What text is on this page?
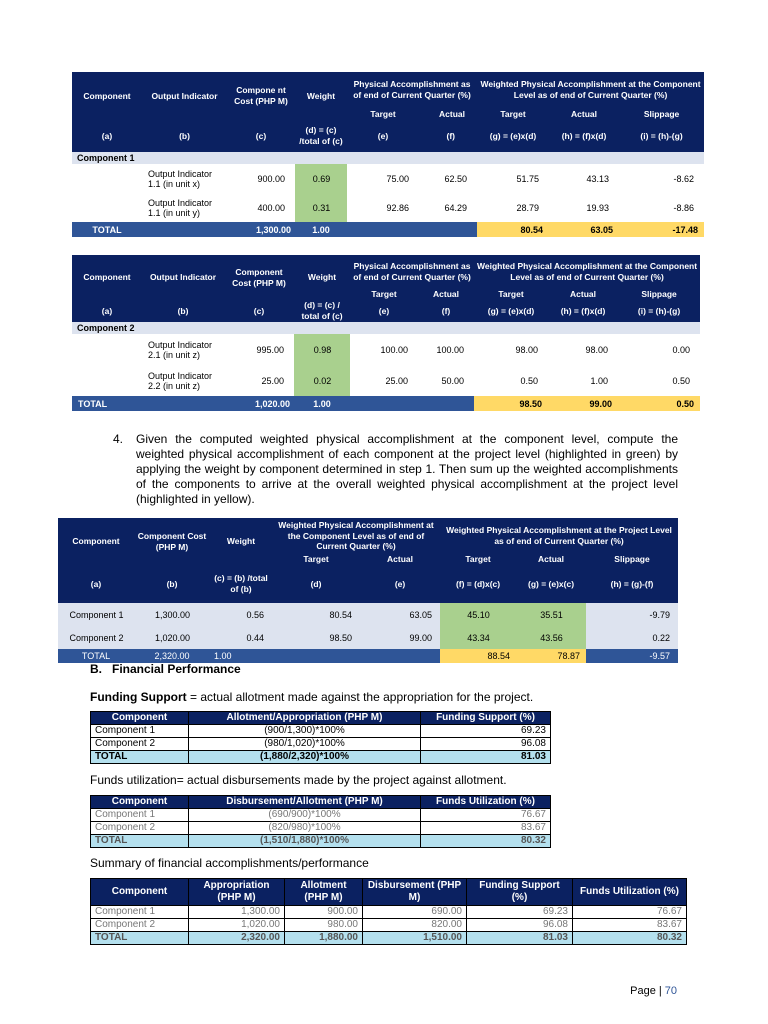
Component	Output Indicator	Compone nt Cost (PHP M)	Weight	Physical Accomplishment as of end of Current Quarter (%)		Weighted Physical Accomplishment at the Component Level as of end of Current Quarter (%)		
				Target	Actual	Target	Actual	Slippage
(a)	(b)	(c)	(d) = (c) /total of (c)	(e)	(f)	(g) = (e)x(d)	(h) = (f)x(d)	(i) = (h)-(g)
Component 1								
	Output Indicator 1.1 (in unit x)	900.00	0.69	75.00	62.50	51.75	43.13	-8.62
	Output Indicator 1.1 (in unit y)	400.00	0.31	92.86	64.29	28.79	19.93	-8.86
TOTAL		1,300.00	1.00			80.54	63.05	-17.48
Component	Output Indicator	Component Cost (PHP M)	Weight	Physical Accomplishment as of end of Current Quarter (%)		Weighted Physical Accomplishment at the Component Level as of end of Current Quarter (%)		
				Target	Actual	Target	Actual	Slippage
(a)	(b)	(c)	(d) = (c) / total of (c)	(e)	(f)	(g) = (e)x(d)	(h) = (f)x(d)	(i) = (h)-(g)
Component 2								
	Output Indicator 2.1 (in unit z)	995.00	0.98	100.00	100.00	98.00	98.00	0.00
	Output Indicator 2.2 (in unit z)	25.00	0.02	25.00	50.00	0.50	1.00	0.50
TOTAL		1,020.00	1.00			98.50	99.00	0.50
4. Given the computed weighted physical accomplishment at the component level, compute the weighted physical accomplishment of each component at the project level (highlighted in green) by applying the weight by component determined in step 1. Then sum up the weighted accomplishments of the components to arrive at the overall weighted physical accomplishment at the project level (highlighted in yellow).
Component	Component Cost (PHP M)	Weight	Weighted Physical Accomplishment at the Component Level as of end of Current Quarter (%)		Weighted Physical Accomplishment at the Project Level as of end of Current Quarter (%)		
			Target	Actual	Target	Actual	Slippage
(a)	(b)	(c) = (b) /total of (b)	(d)	(e)	(f) = (d)x(c)	(g) = (e)x(c)	(h) = (g)-(f)
Component 1	1,300.00	0.56	80.54	63.05	45.10	35.51	-9.79
Component 2	1,020.00	0.44	98.50	99.00	43.34	43.56	0.22
TOTAL	2,320.00	1.00			88.54	78.87	-9.57
B.   Financial Performance
Funding Support = actual allotment made against the appropriation for the project.
Component	Allotment/Appropriation (PHP M)	Funding Support (%)
Component 1	(900/1,300)*100%	69.23
Component 2	(980/1,020)*100%	96.08
TOTAL	(1,880/2,320)*100%	81.03
Funds utilization= actual disbursements made by the project against allotment.
Component	Disbursement/Allotment (PHP M)	Funds Utilization (%)
Component 1	(690/900)*100%	76.67
Component 2	(820/980)*100%	83.67
TOTAL	(1,510/1,880)*100%	80.32
Summary of financial accomplishments/performance
Component	Appropriation (PHP M)	Allotment (PHP M)	Disbursement (PHP M)	Funding Support (%)	Funds Utilization (%)
Component 1	1,300.00	900.00	690.00	69.23	76.67
Component 2	1,020.00	980.00	820.00	96.08	83.67
TOTAL	2,320.00	1,880.00	1,510.00	81.03	80.32

Page | 70
